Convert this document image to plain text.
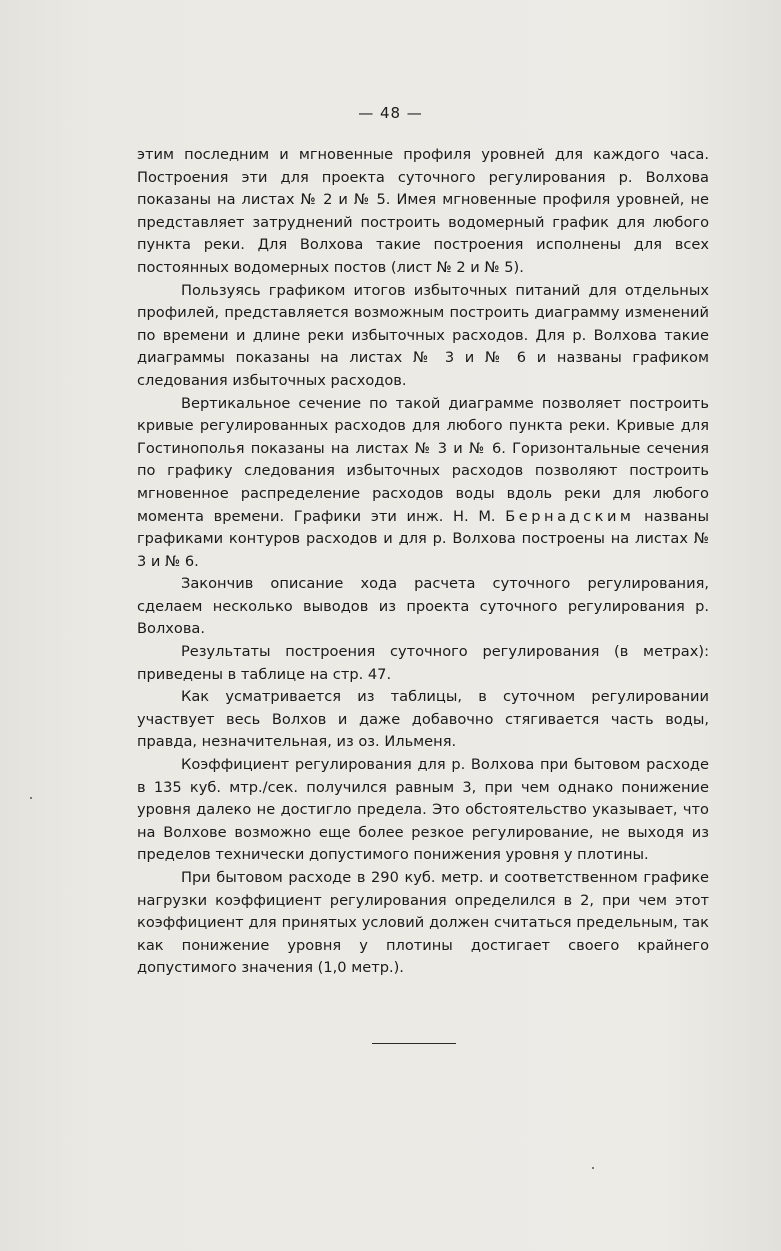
— 48 —

этим последним и мгновенные профиля уровней для каждого часа. Построения эти для проекта суточного регулирования р. Волхова показаны на листах № 2 и № 5. Имея мгновенные профиля уровней, не представляет затруднений построить водомерный график для любого пункта реки. Для Волхова такие построения исполнены для всех постоянных водомерных постов (лист № 2 и № 5).

Пользуясь графиком итогов избыточных питаний для отдельных профилей, представляется возможным построить диаграмму изменений по времени и длине реки избыточных расходов. Для р. Волхова такие диаграммы показаны на листах № 3 и № 6 и названы графиком следования избыточных расходов.

Вертикальное сечение по такой диаграмме позволяет построить кривые регулированных расходов для любого пункта реки. Кривые для Гостинополья показаны на листах № 3 и № 6. Горизонтальные сечения по графику следования избыточных расходов позволяют построить мгновенное распределение расходов воды вдоль реки для любого момента времени. Графики эти инж. Н. М. Бернадским названы графиками контуров расходов и для р. Волхова построены на листах № 3 и № 6.

Закончив описание хода расчета суточного регулирования, сделаем несколько выводов из проекта суточного регулирования р. Волхова.

Результаты построения суточного регулирования (в метрах): приведены в таблице на стр. 47.

Как усматривается из таблицы, в суточном регулировании участвует весь Волхов и даже добавочно стягивается часть воды, правда, незначительная, из оз. Ильменя.

Коэффициент регулирования для р. Волхова при бытовом расходе в 135 куб. мтр./сек. получился равным 3, при чем однако понижение уровня далеко не достигло предела. Это обстоятельство указывает, что на Волхове возможно еще более резкое регулирование, не выходя из пределов технически допустимого понижения уровня у плотины.

При бытовом расходе в 290 куб. метр. и соответственном графике нагрузки коэффициент регулирования определился в 2, при чем этот коэффициент для принятых условий должен считаться предельным, так как понижение уровня у плотины достигает своего крайнего допустимого значения (1,0 метр.).
